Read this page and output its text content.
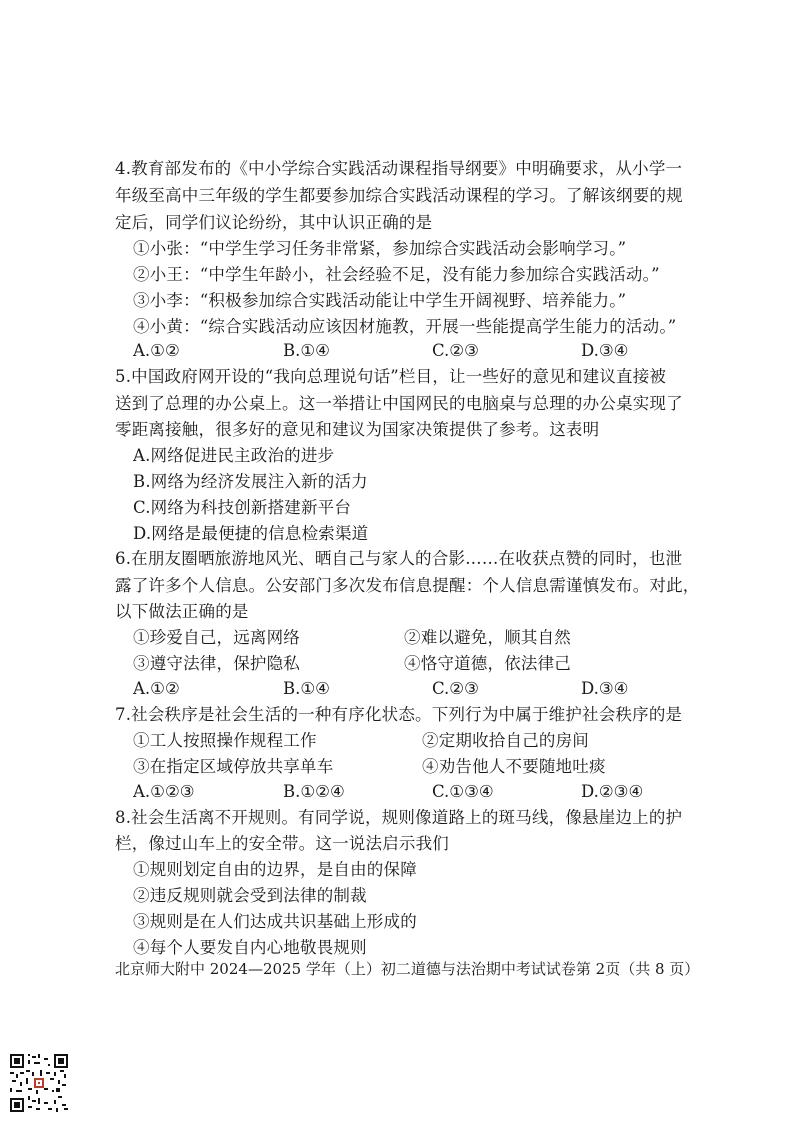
4.教育部发布的《中小学综合实践活动课程指导纲要》中明确要求，从小学一
年级至高中三年级的学生都要参加综合实践活动课程的学习。了解该纲要的规
定后，同学们议论纷纷，其中认识正确的是
①小张：“中学生学习任务非常紧，参加综合实践活动会影响学习。”
②小王：“中学生年龄小，社会经验不足，没有能力参加综合实践活动。”
③小李：“积极参加综合实践活动能让中学生开阔视野、培养能力。”
④小黄：“综合实践活动应该因材施教，开展一些能提高学生能力的活动。”
A.①②	B.①④	C.②③	D.③④
5.中国政府网开设的“我向总理说句话”栏目，让一些好的意见和建议直接被
送到了总理的办公桌上。这一举措让中国网民的电脑桌与总理的办公桌实现了
零距离接触，很多好的意见和建议为国家决策提供了参考。这表明
A.网络促进民主政治的进步
B.网络为经济发展注入新的活力
C.网络为科技创新搭建新平台
D.网络是最便捷的信息检索渠道
6.在朋友圈晒旅游地风光、晒自己与家人的合影……在收获点赞的同时，也泄
露了许多个人信息。公安部门多次发布信息提醒：个人信息需谨慎发布。对此，
以下做法正确的是
①珍爱自己，远离网络	②难以避免，顺其自然
③遵守法律，保护隐私	④恪守道德，依法律己
A.①②	B.①④	C.②③	D.③④
7.社会秩序是社会生活的一种有序化状态。下列行为中属于维护社会秩序的是
①工人按照操作规程工作	②定期收拾自己的房间
③在指定区域停放共享单车	④劝告他人不要随地吐痰
A.①②③	B.①②④	C.①③④	D.②③④
8.社会生活离不开规则。有同学说，规则像道路上的斑马线，像悬崖边上的护
栏，像过山车上的安全带。这一说法启示我们
①规则划定自由的边界，是自由的保障
②违反规则就会受到法律的制裁
③规则是在人们达成共识基础上形成的
④每个人要发自内心地敬畏规则
北京师大附中 2024—2025 学年（上）初二道德与法治期中考试试卷第 2页（共 8 页）
